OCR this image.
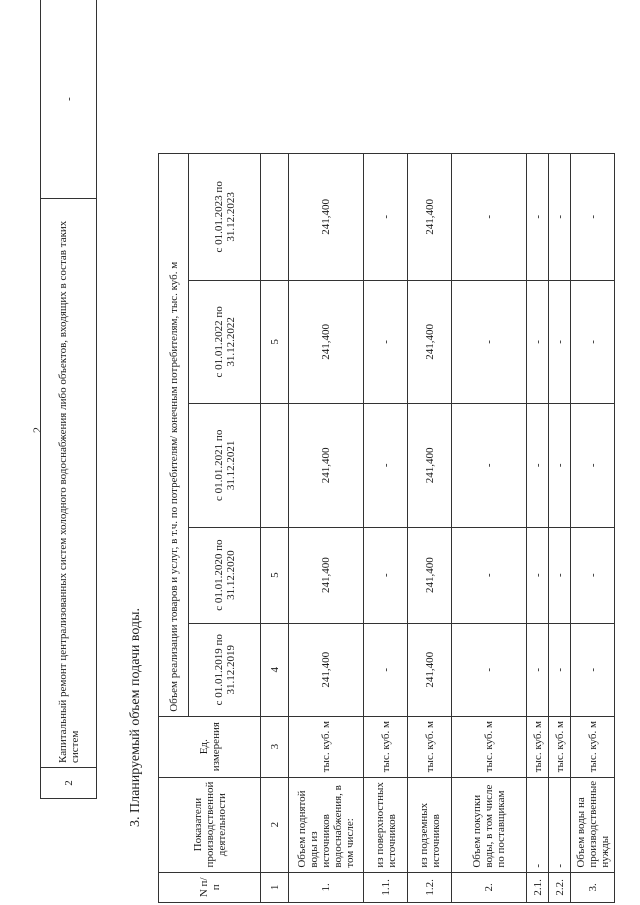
2
2	Капитальный ремонт централизованных систем холодного водоснабжения либо объектов, входящих в состав таких систем	-
3. Планируемый объем подачи воды.
N п/п	Показатели производственной деятельности	Ед. измерения	Объем реализации товаров и услуг, в т.ч. по потребителям/ конечным потребителям, тыс. куб. м				
			с 01.01.2019 по 31.12.2019	с 01.01.2020 по 31.12.2020	с 01.01.2021 по 31.12.2021	с 01.01.2022 по 31.12.2022	с 01.01.2023 по 31.12.2023
1	2	3	4	5		5	
1.	Объем поднятой воды из источников водоснабжения, в том числе:	тыс. куб. м	241,400	241,400	241,400	241,400	241,400
1.1.	из поверхностных источников	тыс. куб. м	-	-	-	-	-
1.2.	из подземных источников	тыс. куб. м	241,400	241,400	241,400	241,400	241,400
2.	Объем покупки воды, в том числе по поставщикам	тыс. куб. м	-	-	-	-	-
2.1.	-	тыс. куб. м	-	-	-	-	-
2.2.	-	тыс. куб. м	-	-	-	-	-
3.	Объем воды на производственные нужды	тыс. куб. м	-	-	-	-	-
